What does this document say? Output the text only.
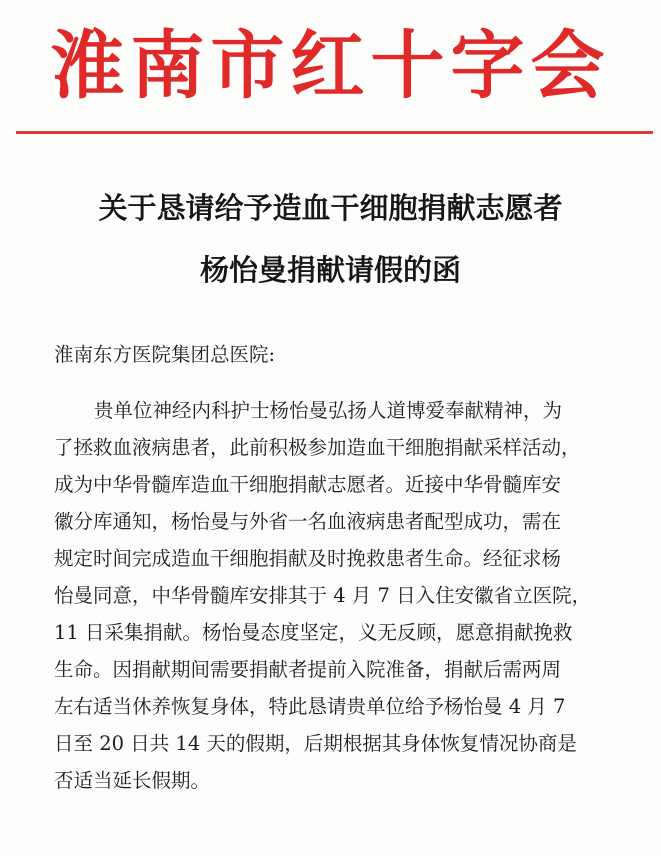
淮南市红十字会
关于恳请给予造血干细胞捐献志愿者
杨怡曼捐献请假的函
淮南东方医院集团总医院:
贵单位神经内科护士杨怡曼弘扬人道博爱奉献精神，为
了拯救血液病患者，此前积极参加造血干细胞捐献采样活动，
成为中华骨髓库造血干细胞捐献志愿者。近接中华骨髓库安
徽分库通知，杨怡曼与外省一名血液病患者配型成功，需在
规定时间完成造血干细胞捐献及时挽救患者生命。经征求杨
怡曼同意，中华骨髓库安排其于 4 月 7 日入住安徽省立医院，
11 日采集捐献。杨怡曼态度坚定，义无反顾，愿意捐献挽救
生命。因捐献期间需要捐献者提前入院准备，捐献后需两周
左右适当休养恢复身体，特此恳请贵单位给予杨怡曼 4 月 7
日至 20 日共 14 天的假期，后期根据其身体恢复情况协商是
否适当延长假期。
